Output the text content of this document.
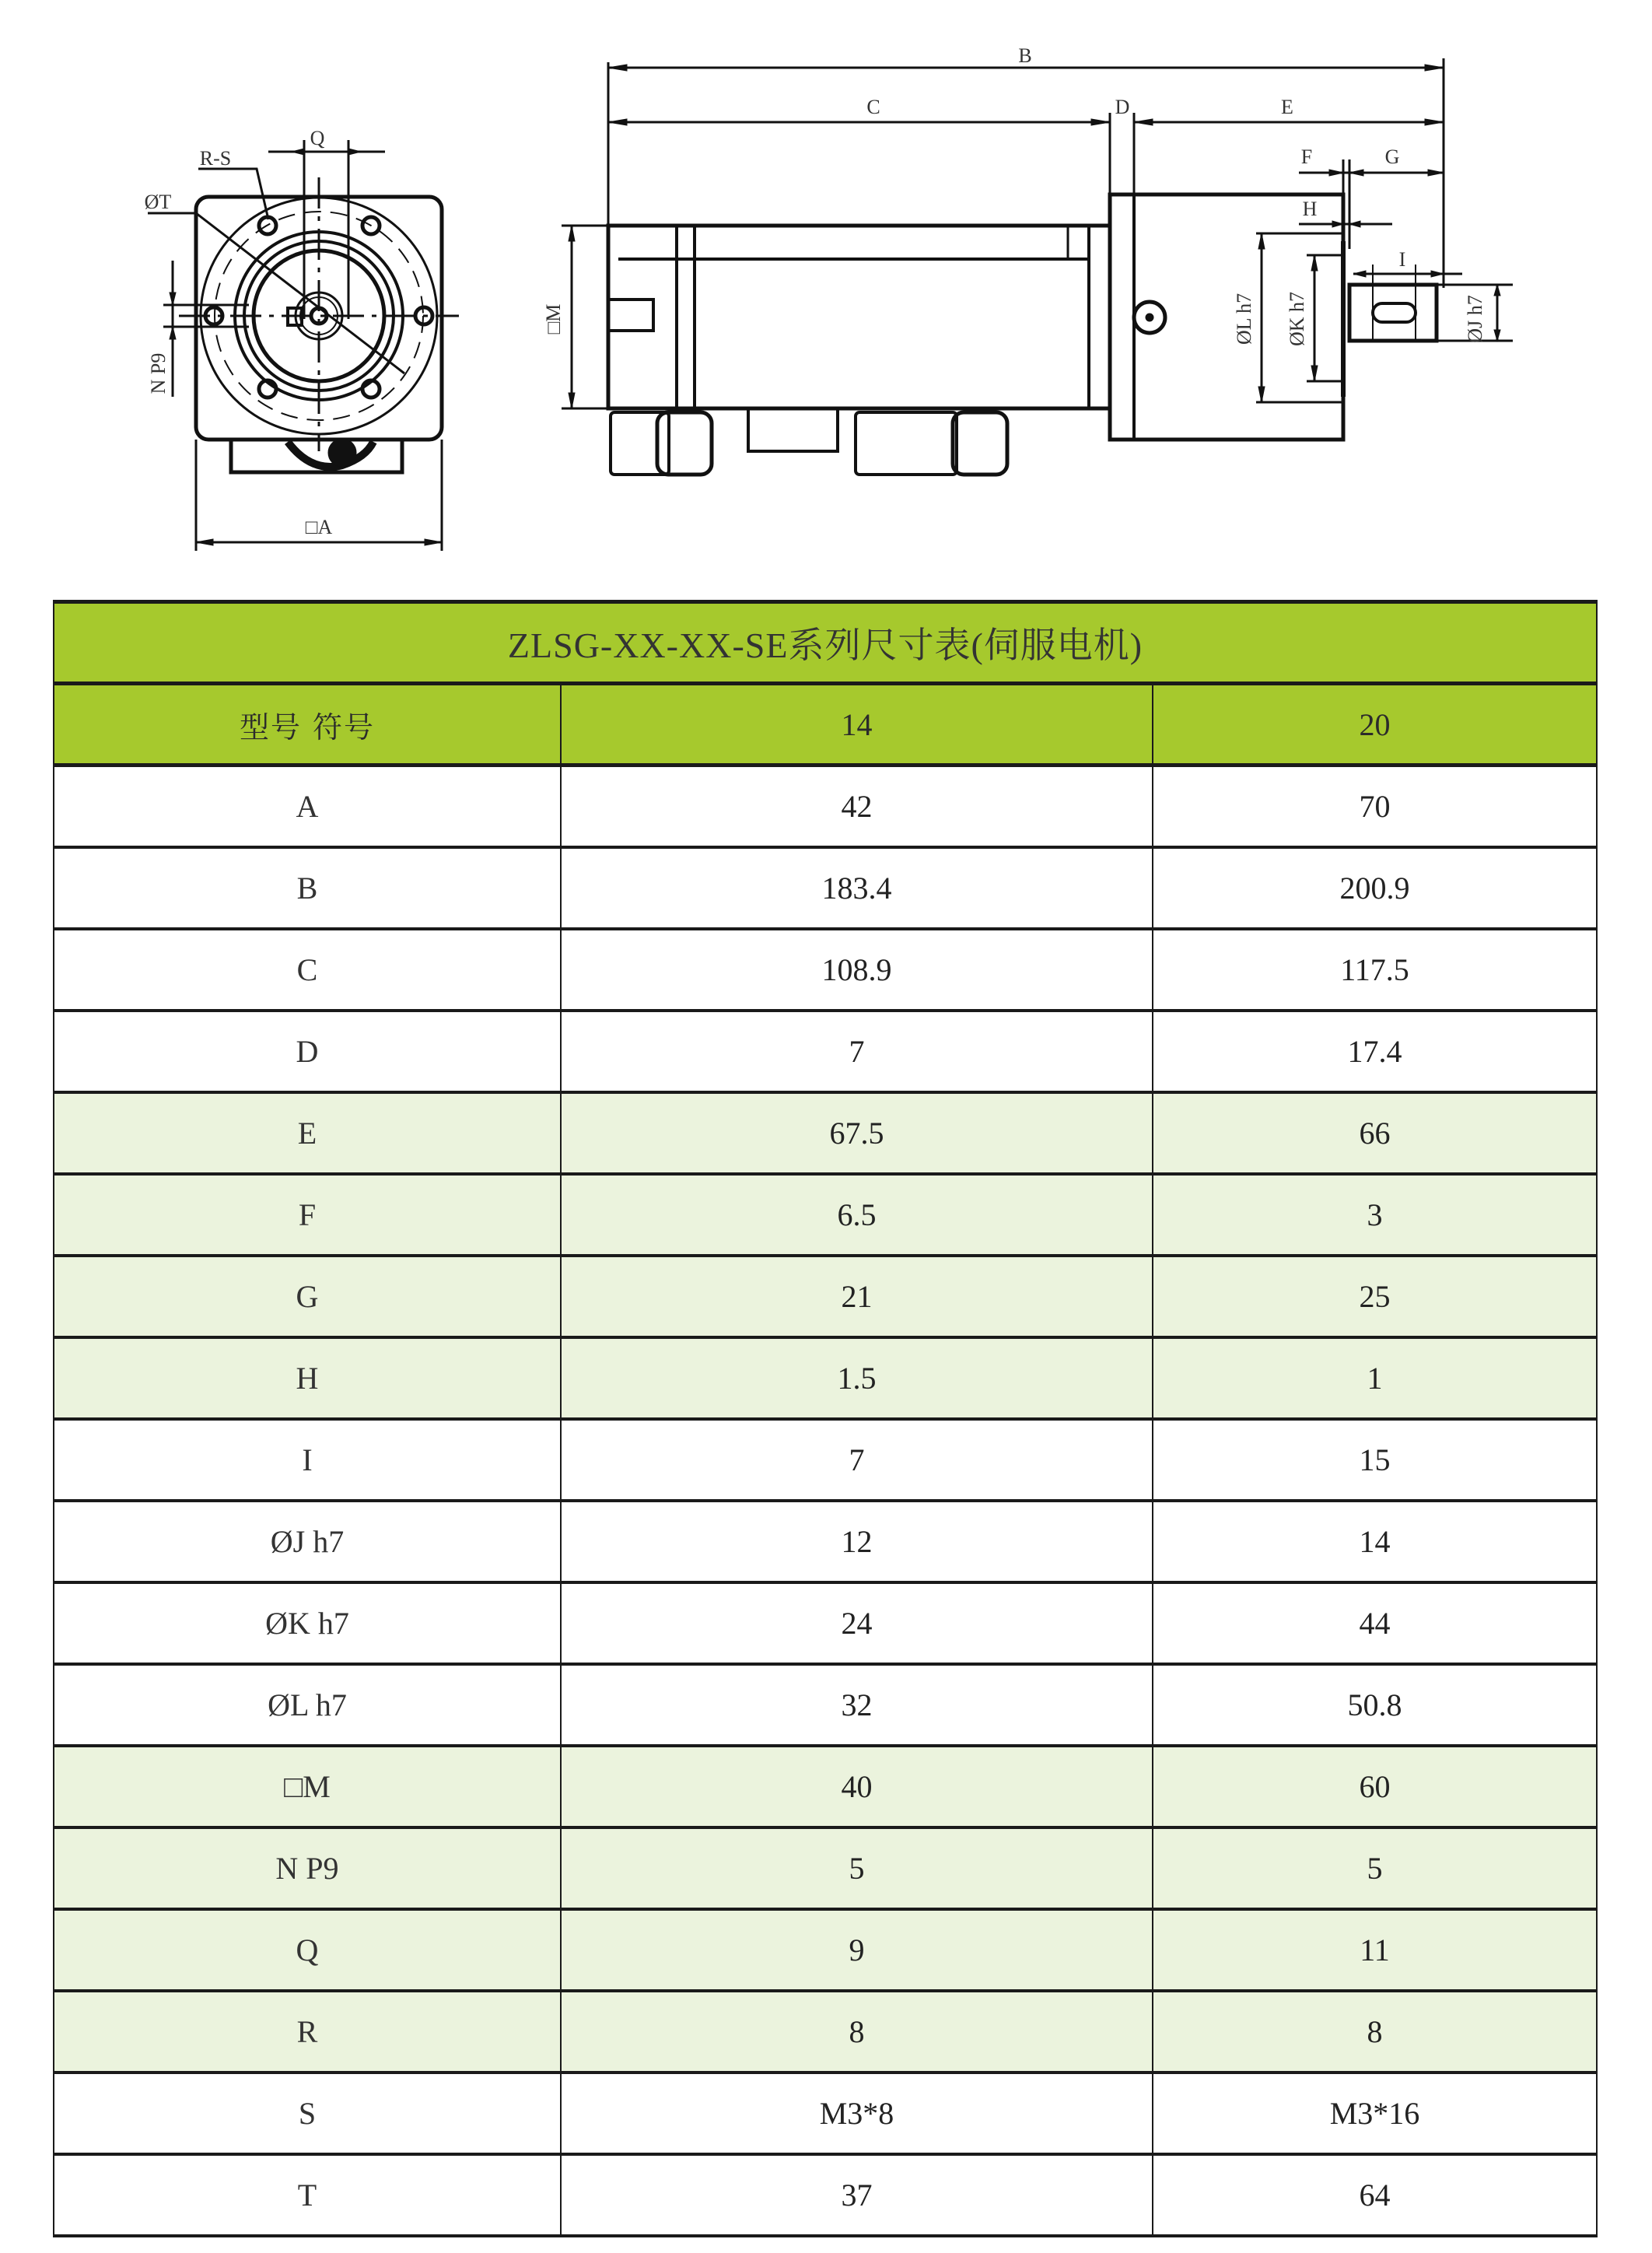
Q
R-S
ØT
N P9
□A
B
C	D	E
F	G
H
I
□M	ØL h7 ØK h7	ØJ h7
ZLSG-XX-XX-SE系列尺寸表(伺服电机)		
型号 符号	14	20
A	42	70
B	183.4	200.9
C	108.9	117.5
D	7	17.4
E	67.5	66
F	6.5	3
G	21	25
H	1.5	1
I	7	15
ØJ h7	12	14
ØK h7	24	44
ØL h7	32	50.8
□M	40	60
N P9	5	5
Q	9	11
R	8	8
S	M3*8	M3*16
T	37	64
